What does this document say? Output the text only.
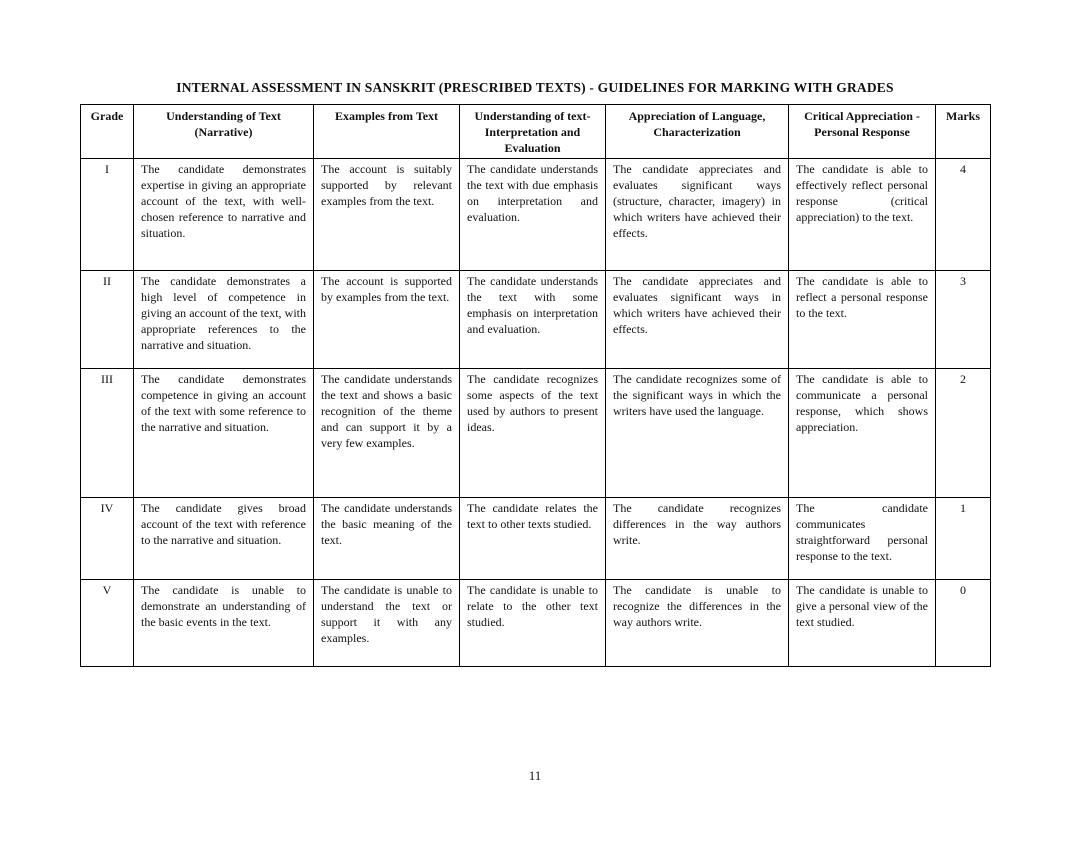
INTERNAL ASSESSMENT IN SANSKRIT (PRESCRIBED TEXTS) - GUIDELINES FOR MARKING WITH GRADES
Grade	Understanding of Text (Narrative)	Examples from Text	Understanding of text- Interpretation and Evaluation	Appreciation of Language, Characterization	Critical Appreciation -Personal Response	Marks
I	The candidate demonstrates expertise in giving an appropriate account of the text, with well-chosen reference to narrative and situation.	The account is suitably supported by relevant examples from the text.	The candidate understands the text with due emphasis on interpretation and evaluation.	The candidate appreciates and evaluates significant ways (structure, character, imagery) in which writers have achieved their effects.	The candidate is able to effectively reflect personal response (critical appreciation) to the text.	4
II	The candidate demonstrates a high level of competence in giving an account of the text, with appropriate references to the narrative and situation.	The account is supported by examples from the text.	The candidate understands the text with some emphasis on interpretation and evaluation.	The candidate appreciates and evaluates significant ways in which writers have achieved their effects.	The candidate is able to reflect a personal response to the text.	3
III	The candidate demonstrates competence in giving an account of the text with some reference to the narrative and situation.	The candidate understands the text and shows a basic recognition of the theme and can support it by a very few examples.	The candidate recognizes some aspects of the text used by authors to present ideas.	The candidate recognizes some of the significant ways in which the writers have used the language.	The candidate is able to communicate a personal response, which shows appreciation.	2
IV	The candidate gives broad account of the text with reference to the narrative and situation.	The candidate understands the basic meaning of the text.	The candidate relates the text to other texts studied.	The candidate recognizes differences in the way authors write.	The candidate communicates straightforward personal response to the text.	1
V	The candidate is unable to demonstrate an understanding of the basic events in the text.	The candidate is unable to understand the text or support it with any examples.	The candidate is unable to relate to the other text studied.	The candidate is unable to recognize the differences in the way authors write.	The candidate is unable to give a personal view of the text studied.	0
11
